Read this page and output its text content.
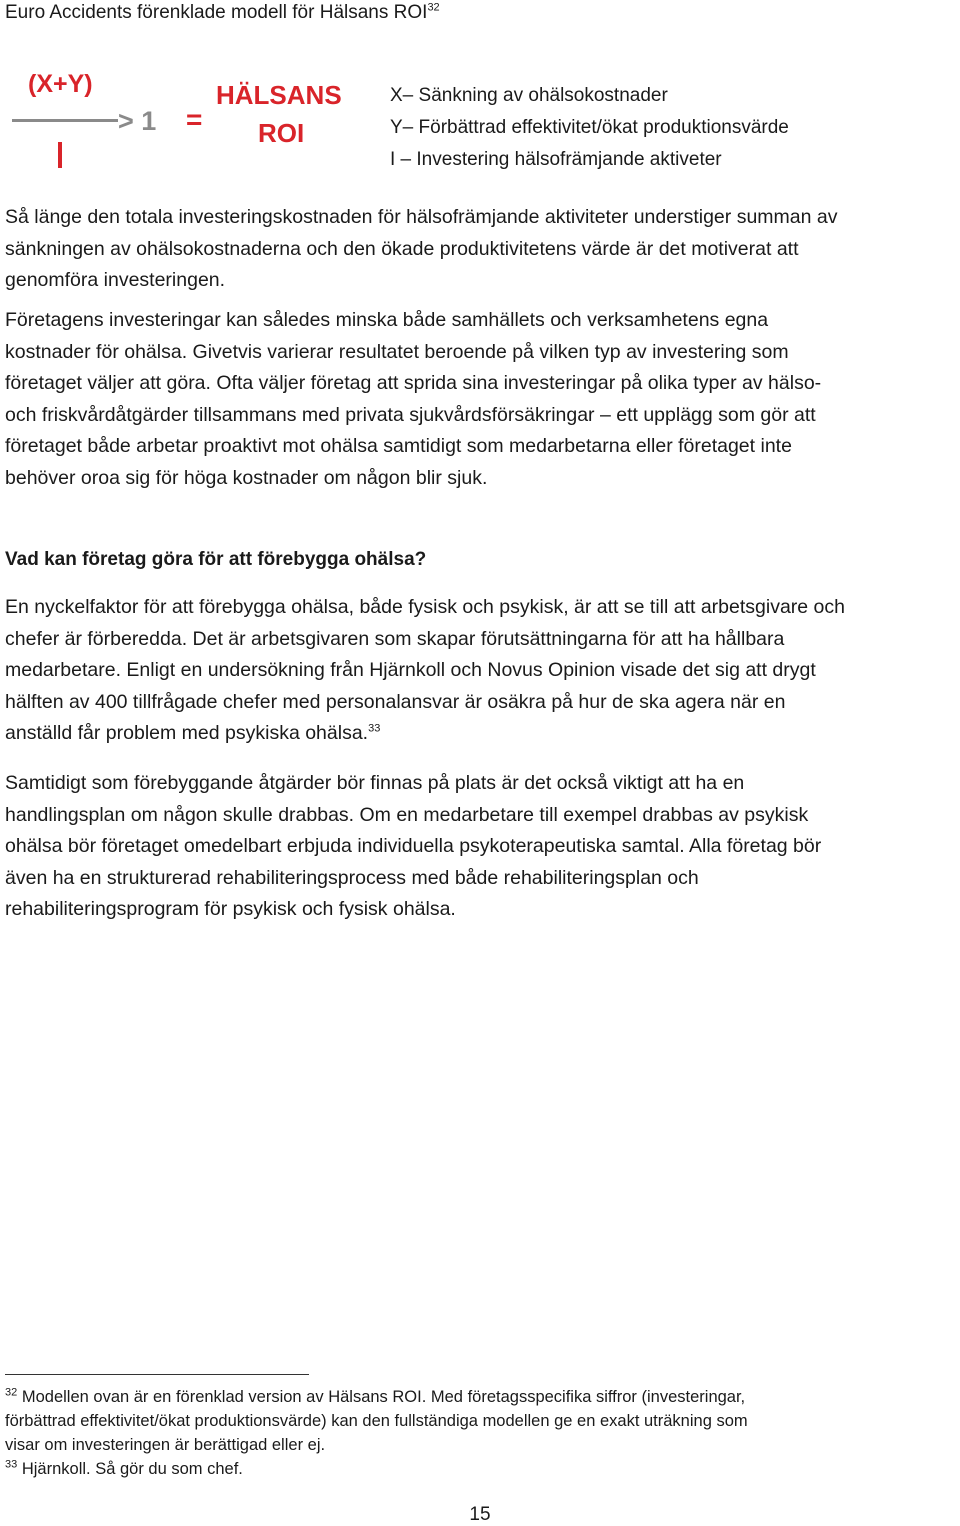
Euro Accidents förenklade modell för Hälsans ROI$^{32}$
(X+Y)
> 1 =
HÄLSANS
ROI
X– Sänkning av ohälsokostnader
Y– Förbättrad effektivitet/ökat produktionsvärde
I – Investering hälsofrämjande aktiveter
Så länge den totala investeringskostnaden för hälsofrämjande aktiviteter understiger summan av
sänkningen av ohälsokostnaderna och den ökade produktivitetens värde är det motiverat att
genomföra investeringen.
Företagens investeringar kan således minska både samhällets och verksamhetens egna
kostnader för ohälsa. Givetvis varierar resultatet beroende på vilken typ av investering som
företaget väljer att göra. Ofta väljer företag att sprida sina investeringar på olika typer av hälso-
och friskvårdåtgärder tillsammans med privata sjukvårdsförsäkringar – ett upplägg som gör att
företaget både arbetar proaktivt mot ohälsa samtidigt som medarbetarna eller företaget inte
behöver oroa sig för höga kostnader om någon blir sjuk.
Vad kan företag göra för att förebygga ohälsa?
En nyckelfaktor för att förebygga ohälsa, både fysisk och psykisk, är att se till att arbetsgivare och
chefer är förberedda. Det är arbetsgivaren som skapar förutsättningarna för att ha hållbara
medarbetare. Enligt en undersökning från Hjärnkoll och Novus Opinion visade det sig att drygt
hälften av 400 tillfrågade chefer med personalansvar är osäkra på hur de ska agera när en
anställd får problem med psykiska ohälsa.$^{33}$
Samtidigt som förebyggande åtgärder bör finnas på plats är det också viktigt att ha en
handlingsplan om någon skulle drabbas. Om en medarbetare till exempel drabbas av psykisk
ohälsa bör företaget omedelbart erbjuda individuella psykoterapeutiska samtal. Alla företag bör
även ha en strukturerad rehabiliteringsprocess med både rehabiliteringsplan och
rehabiliteringsprogram för psykisk och fysisk ohälsa.
$^{32}$ Modellen ovan är en förenklad version av Hälsans ROI. Med företagsspecifika siffror (investeringar,
förbättrad effektivitet/ökat produktionsvärde) kan den fullständiga modellen ge en exakt uträkning som
visar om investeringen är berättigad eller ej.
$^{33}$ Hjärnkoll. Så gör du som chef.
15
